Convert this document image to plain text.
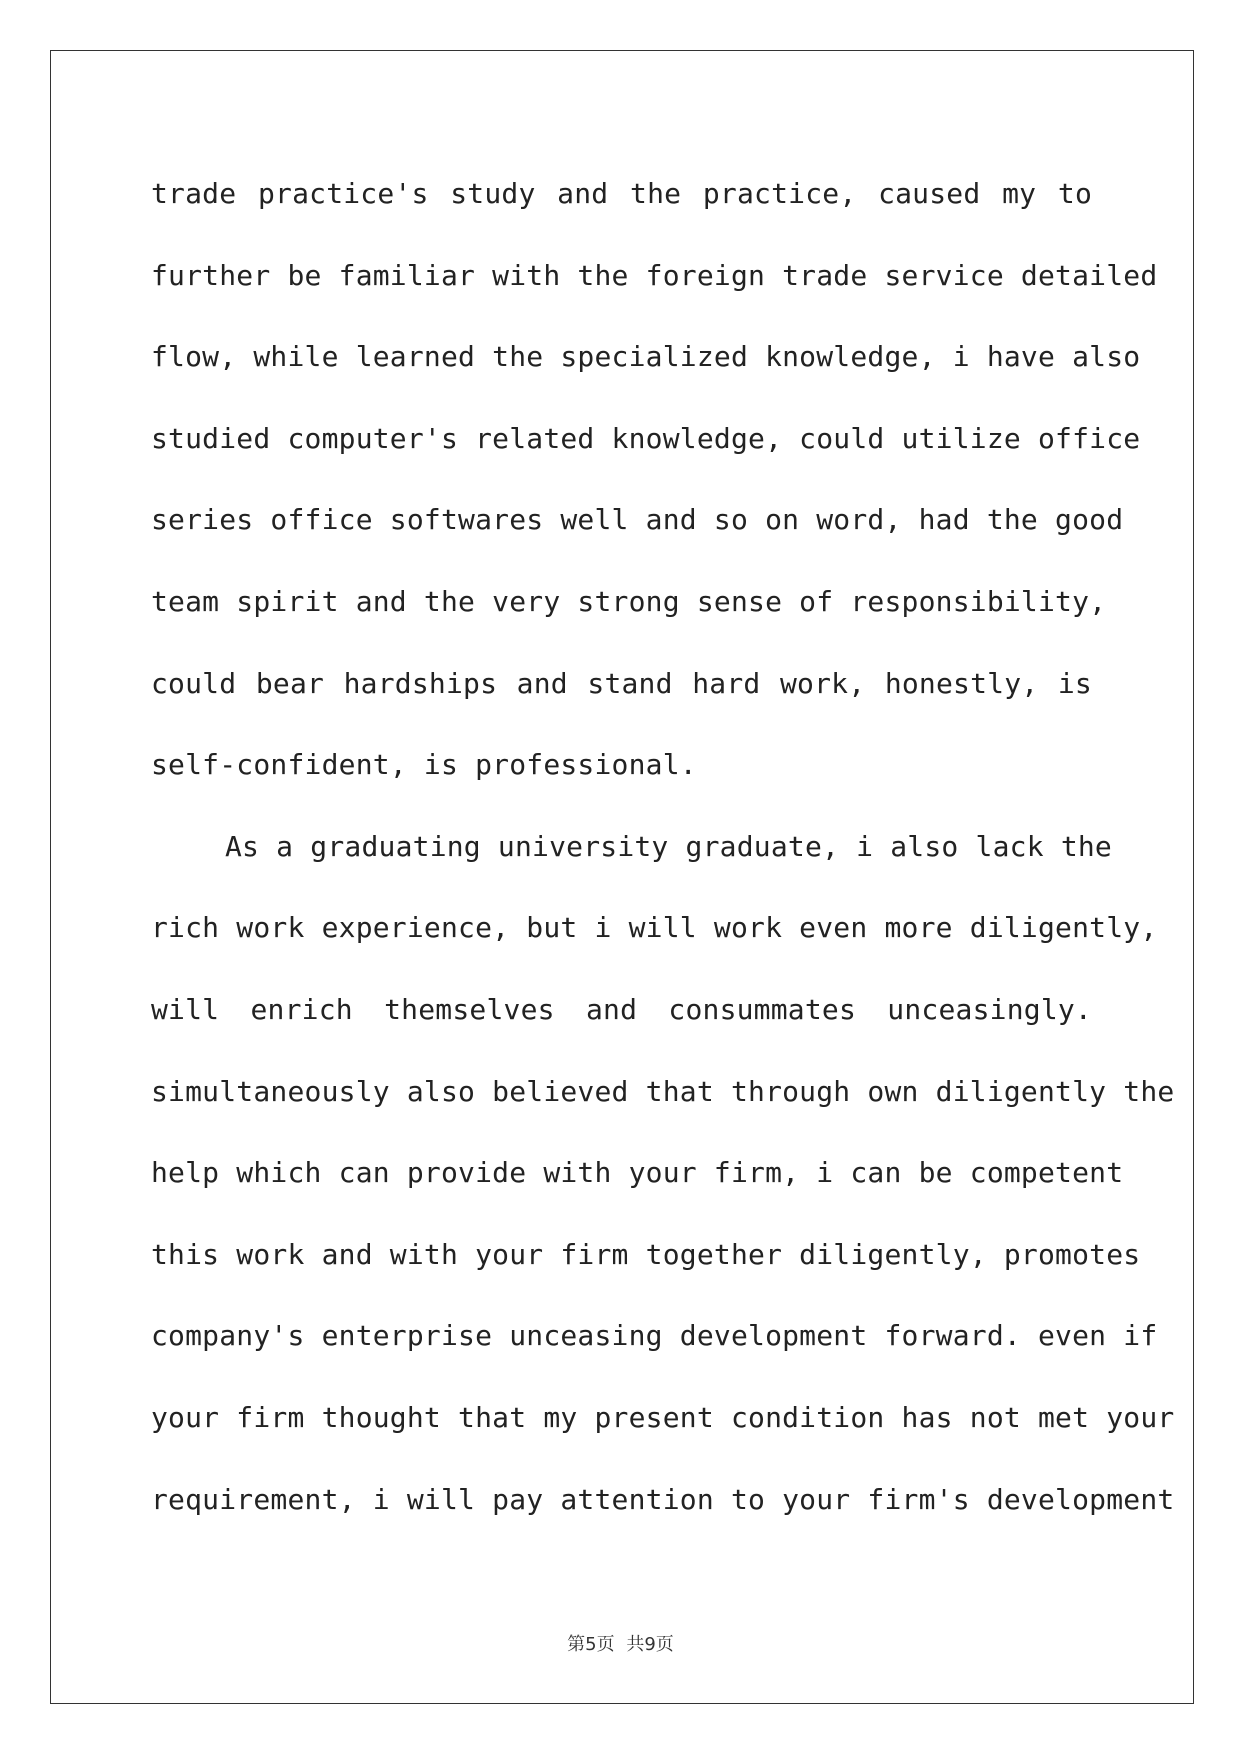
trade practice's study and the practice, caused my to
further be familiar with the foreign trade service detailed
flow, while learned the specialized knowledge, i have also
studied computer's related knowledge, could utilize office
series office softwares well and so on word, had the good
team spirit and the very strong sense of responsibility,
could bear hardships and stand hard work, honestly, is
self-confident, is professional.
As a graduating university graduate, i also lack the
rich work experience, but i will work even more diligently,
will enrich themselves and consummates unceasingly.
simultaneously also believed that through own diligently the
help which can provide with your firm, i can be competent
this work and with your firm together diligently, promotes
company's enterprise unceasing development forward. even if
your firm thought that my present condition has not met your
requirement, i will pay attention to your firm's development
第5页 共9页
